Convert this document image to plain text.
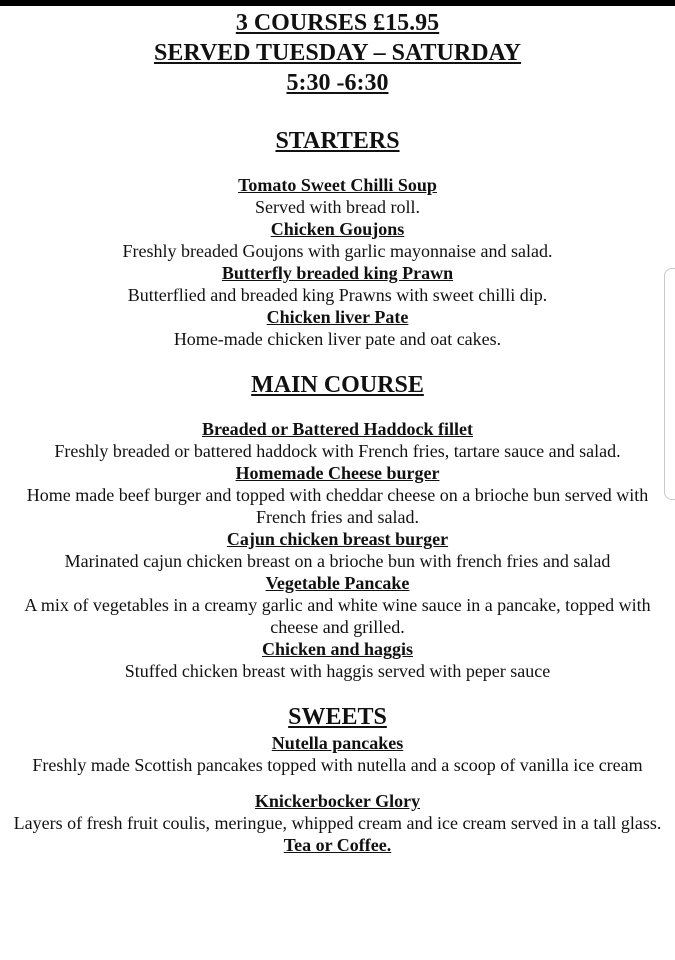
3 COURSES £15.95

SERVED TUESDAY – SATURDAY

5:30 -6:30

STARTERS

Tomato Sweet Chilli Soup

Served with bread roll.

Chicken Goujons

Freshly breaded Goujons with garlic mayonnaise and salad.

Butterfly breaded king Prawn

Butterflied and breaded king Prawns with sweet chilli dip.

Chicken liver Pate

Home-made chicken liver pate and oat cakes.

MAIN COURSE

Breaded or Battered Haddock fillet

Freshly breaded or battered haddock with French fries, tartare sauce and salad.

Homemade Cheese burger

Home made beef burger and topped with cheddar cheese on a brioche bun served with French fries and salad.

Cajun chicken breast burger

Marinated cajun chicken breast on a brioche bun with french fries and salad

Vegetable Pancake

A mix of vegetables in a creamy garlic and white wine sauce in a pancake, topped with cheese and grilled.

Chicken and haggis

Stuffed chicken breast with haggis served with peper sauce

SWEETS

Nutella pancakes

Freshly made Scottish pancakes topped with nutella and a scoop of vanilla ice cream

Knickerbocker Glory

Layers of fresh fruit coulis, meringue, whipped cream and ice cream served in a tall glass.

Tea or Coffee.
